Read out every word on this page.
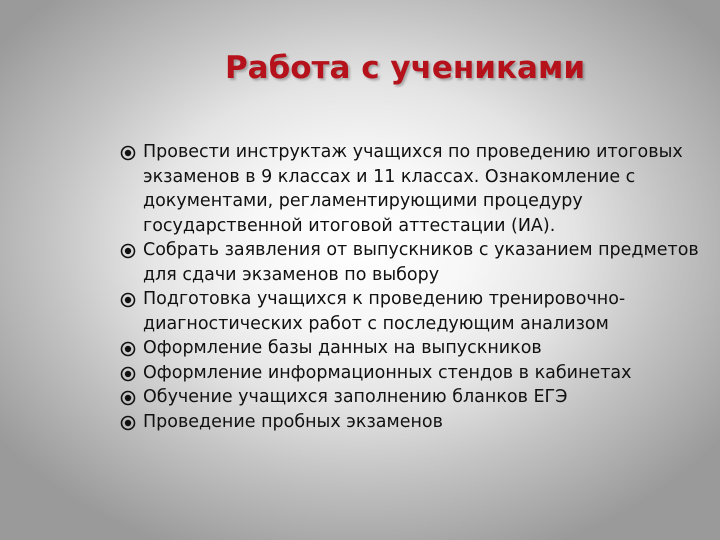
Работа с учениками
Провести инструктаж учащихся по проведению итоговых экзаменов в 9 классах и 11 классах. Ознакомление с документами, регламентирующими процедуру государственной итоговой аттестации (ИА).
Собрать заявления от выпускников с указанием предметов для сдачи экзаменов по выбору
Подготовка учащихся к проведению тренировочно-диагностических работ с последующим анализом
Оформление базы данных на выпускников
Оформление информационных стендов в кабинетах
Обучение учащихся заполнению бланков ЕГЭ
Проведение пробных экзаменов
